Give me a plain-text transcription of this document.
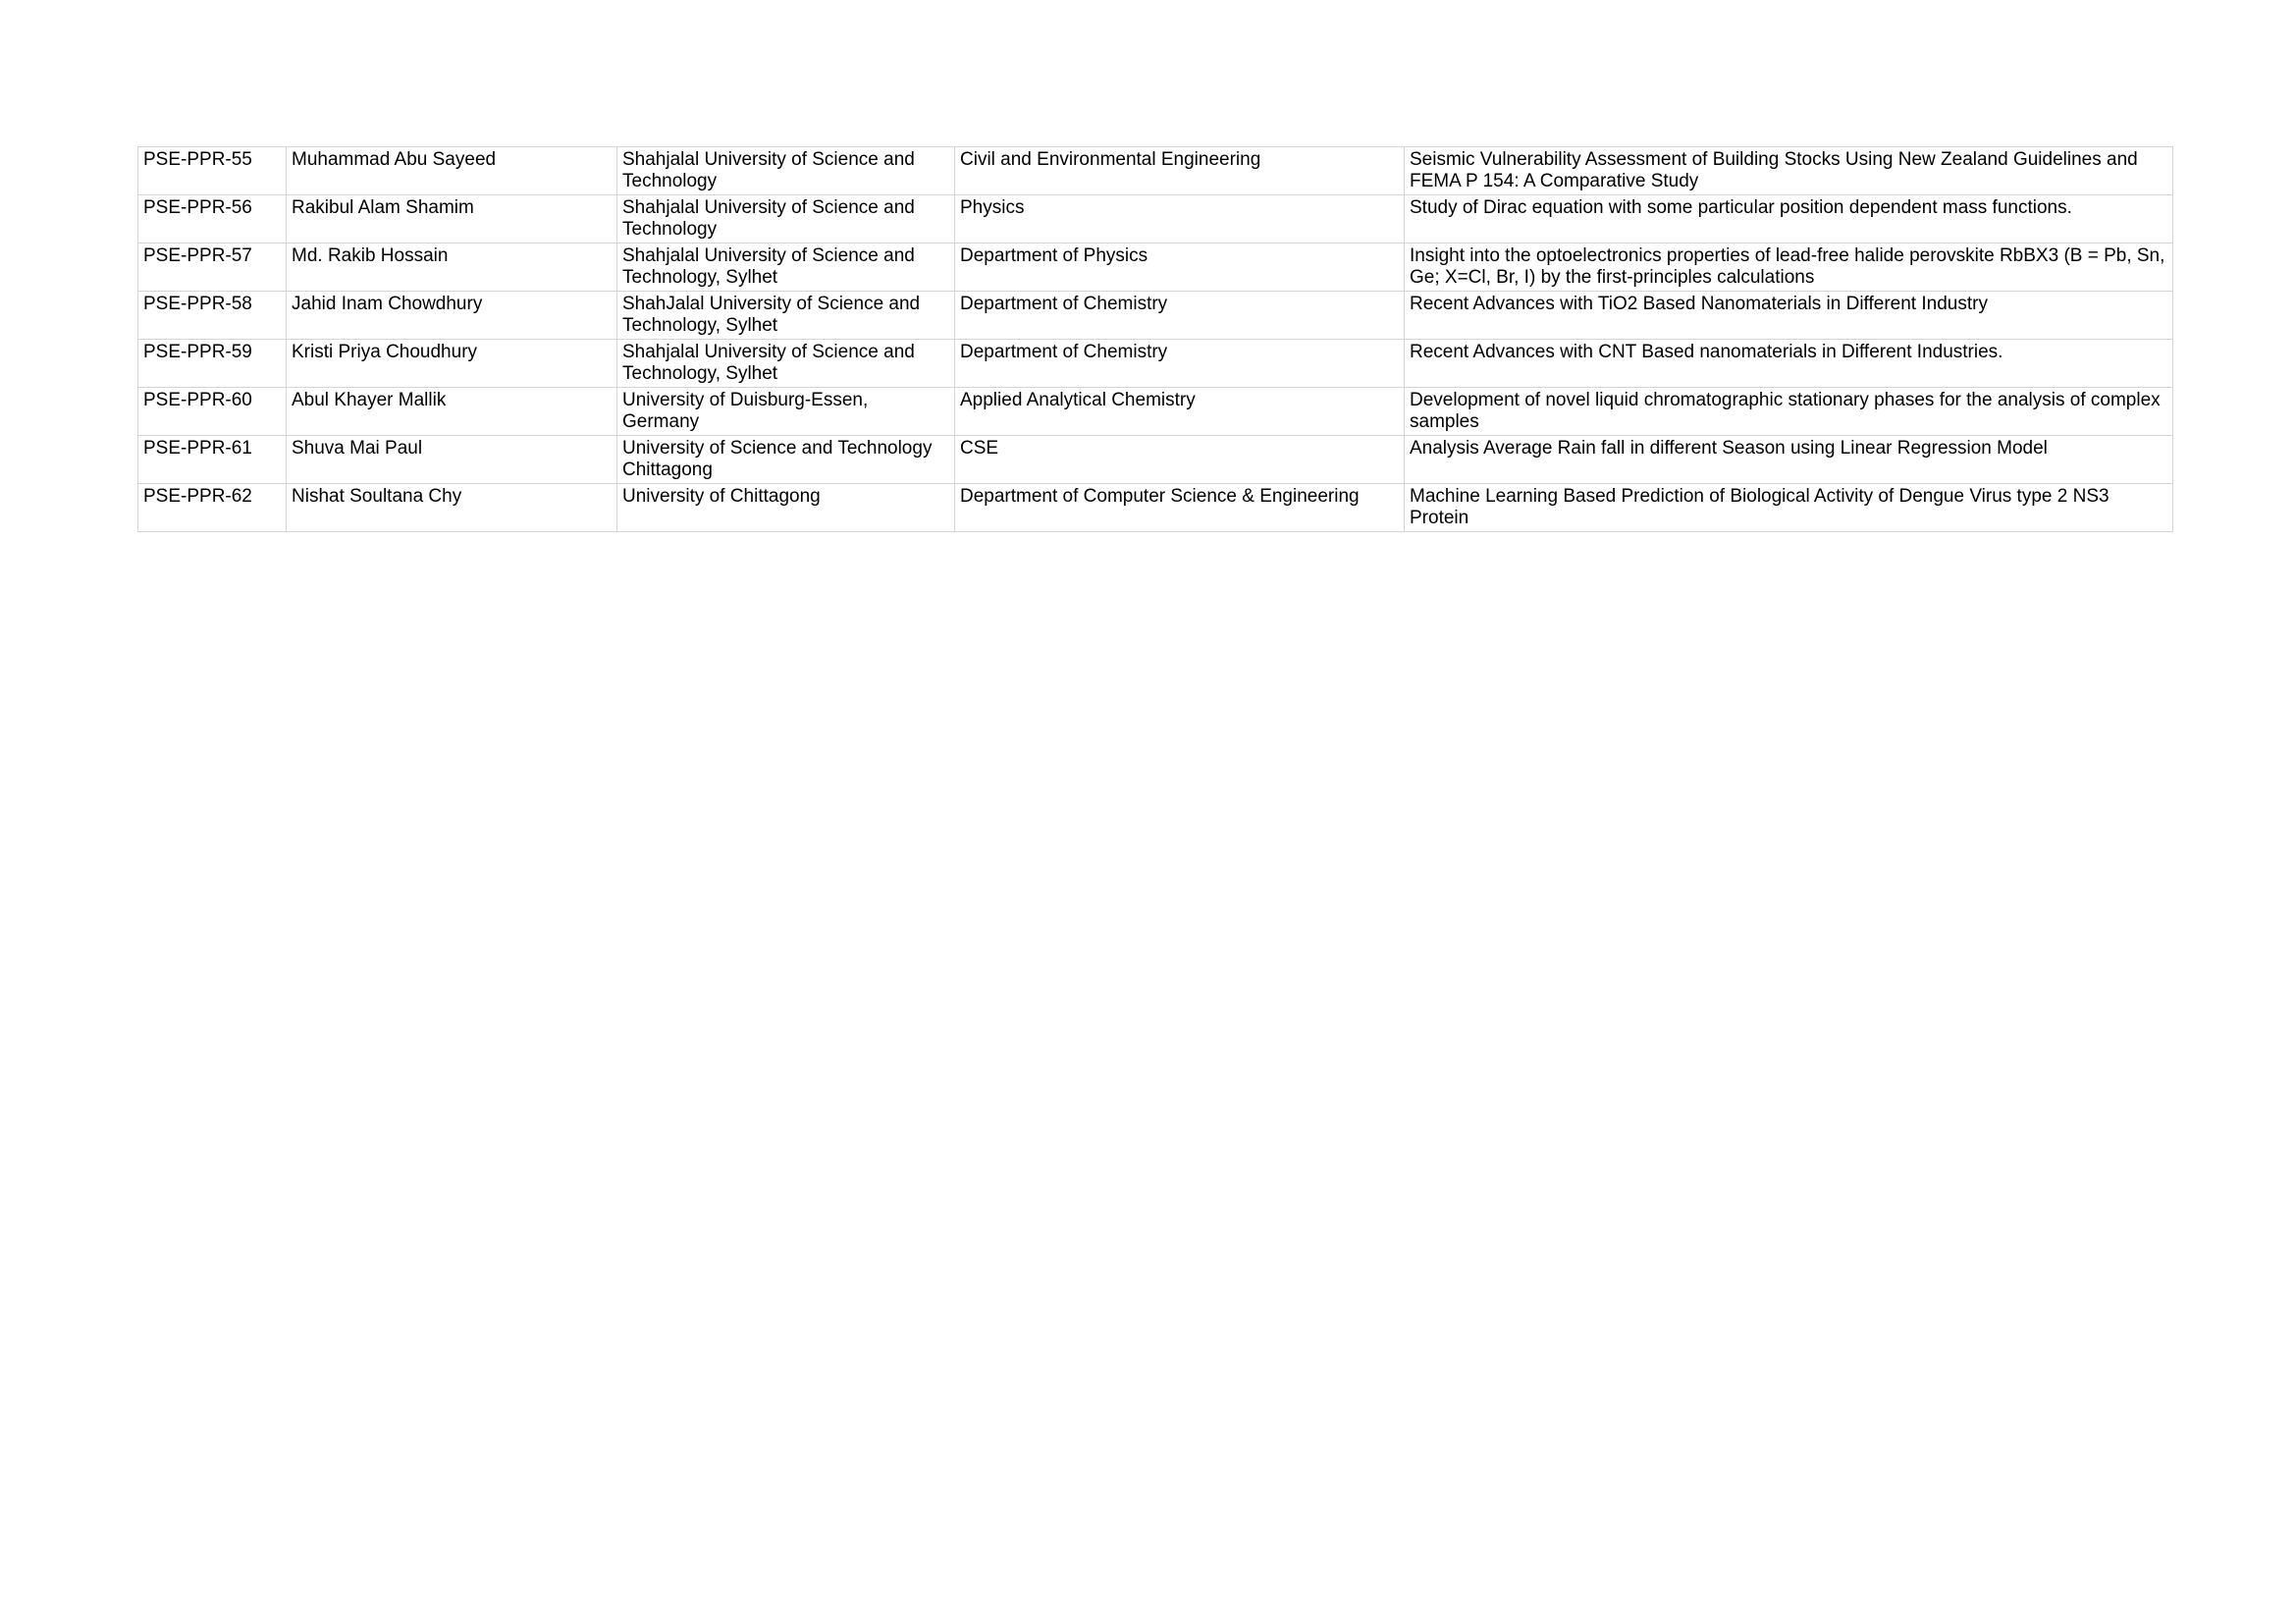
PSE-PPR-55	Muhammad Abu Sayeed	Shahjalal University of Science and Technology	Civil and Environmental Engineering	Seismic Vulnerability Assessment of Building Stocks Using New Zealand Guidelines and FEMA P 154: A Comparative Study
PSE-PPR-56	Rakibul Alam Shamim	Shahjalal University of Science and Technology	Physics	Study of Dirac equation with some particular position dependent mass functions.
PSE-PPR-57	Md. Rakib Hossain	Shahjalal University of Science and Technology, Sylhet	Department of Physics	Insight into the optoelectronics properties of lead-free halide perovskite RbBX3 (B = Pb, Sn, Ge; X=Cl, Br, I) by the first-principles calculations
PSE-PPR-58	Jahid Inam Chowdhury	ShahJalal University of Science and Technology, Sylhet	Department of Chemistry	Recent Advances with TiO2 Based Nanomaterials in Different Industry
PSE-PPR-59	Kristi Priya Choudhury	Shahjalal University of Science and Technology, Sylhet	Department of Chemistry	Recent Advances with CNT Based nanomaterials in Different Industries.
PSE-PPR-60	Abul Khayer Mallik	University of Duisburg-Essen, Germany	Applied Analytical Chemistry	Development of novel liquid chromatographic stationary phases for the analysis of complex samples
PSE-PPR-61	Shuva Mai Paul	University of Science and Technology Chittagong	CSE	Analysis Average Rain fall in different Season using Linear Regression Model
PSE-PPR-62	Nishat Soultana Chy	University of Chittagong	Department of Computer Science & Engineering	Machine Learning Based Prediction of Biological Activity of Dengue Virus type 2 NS3 Protein
